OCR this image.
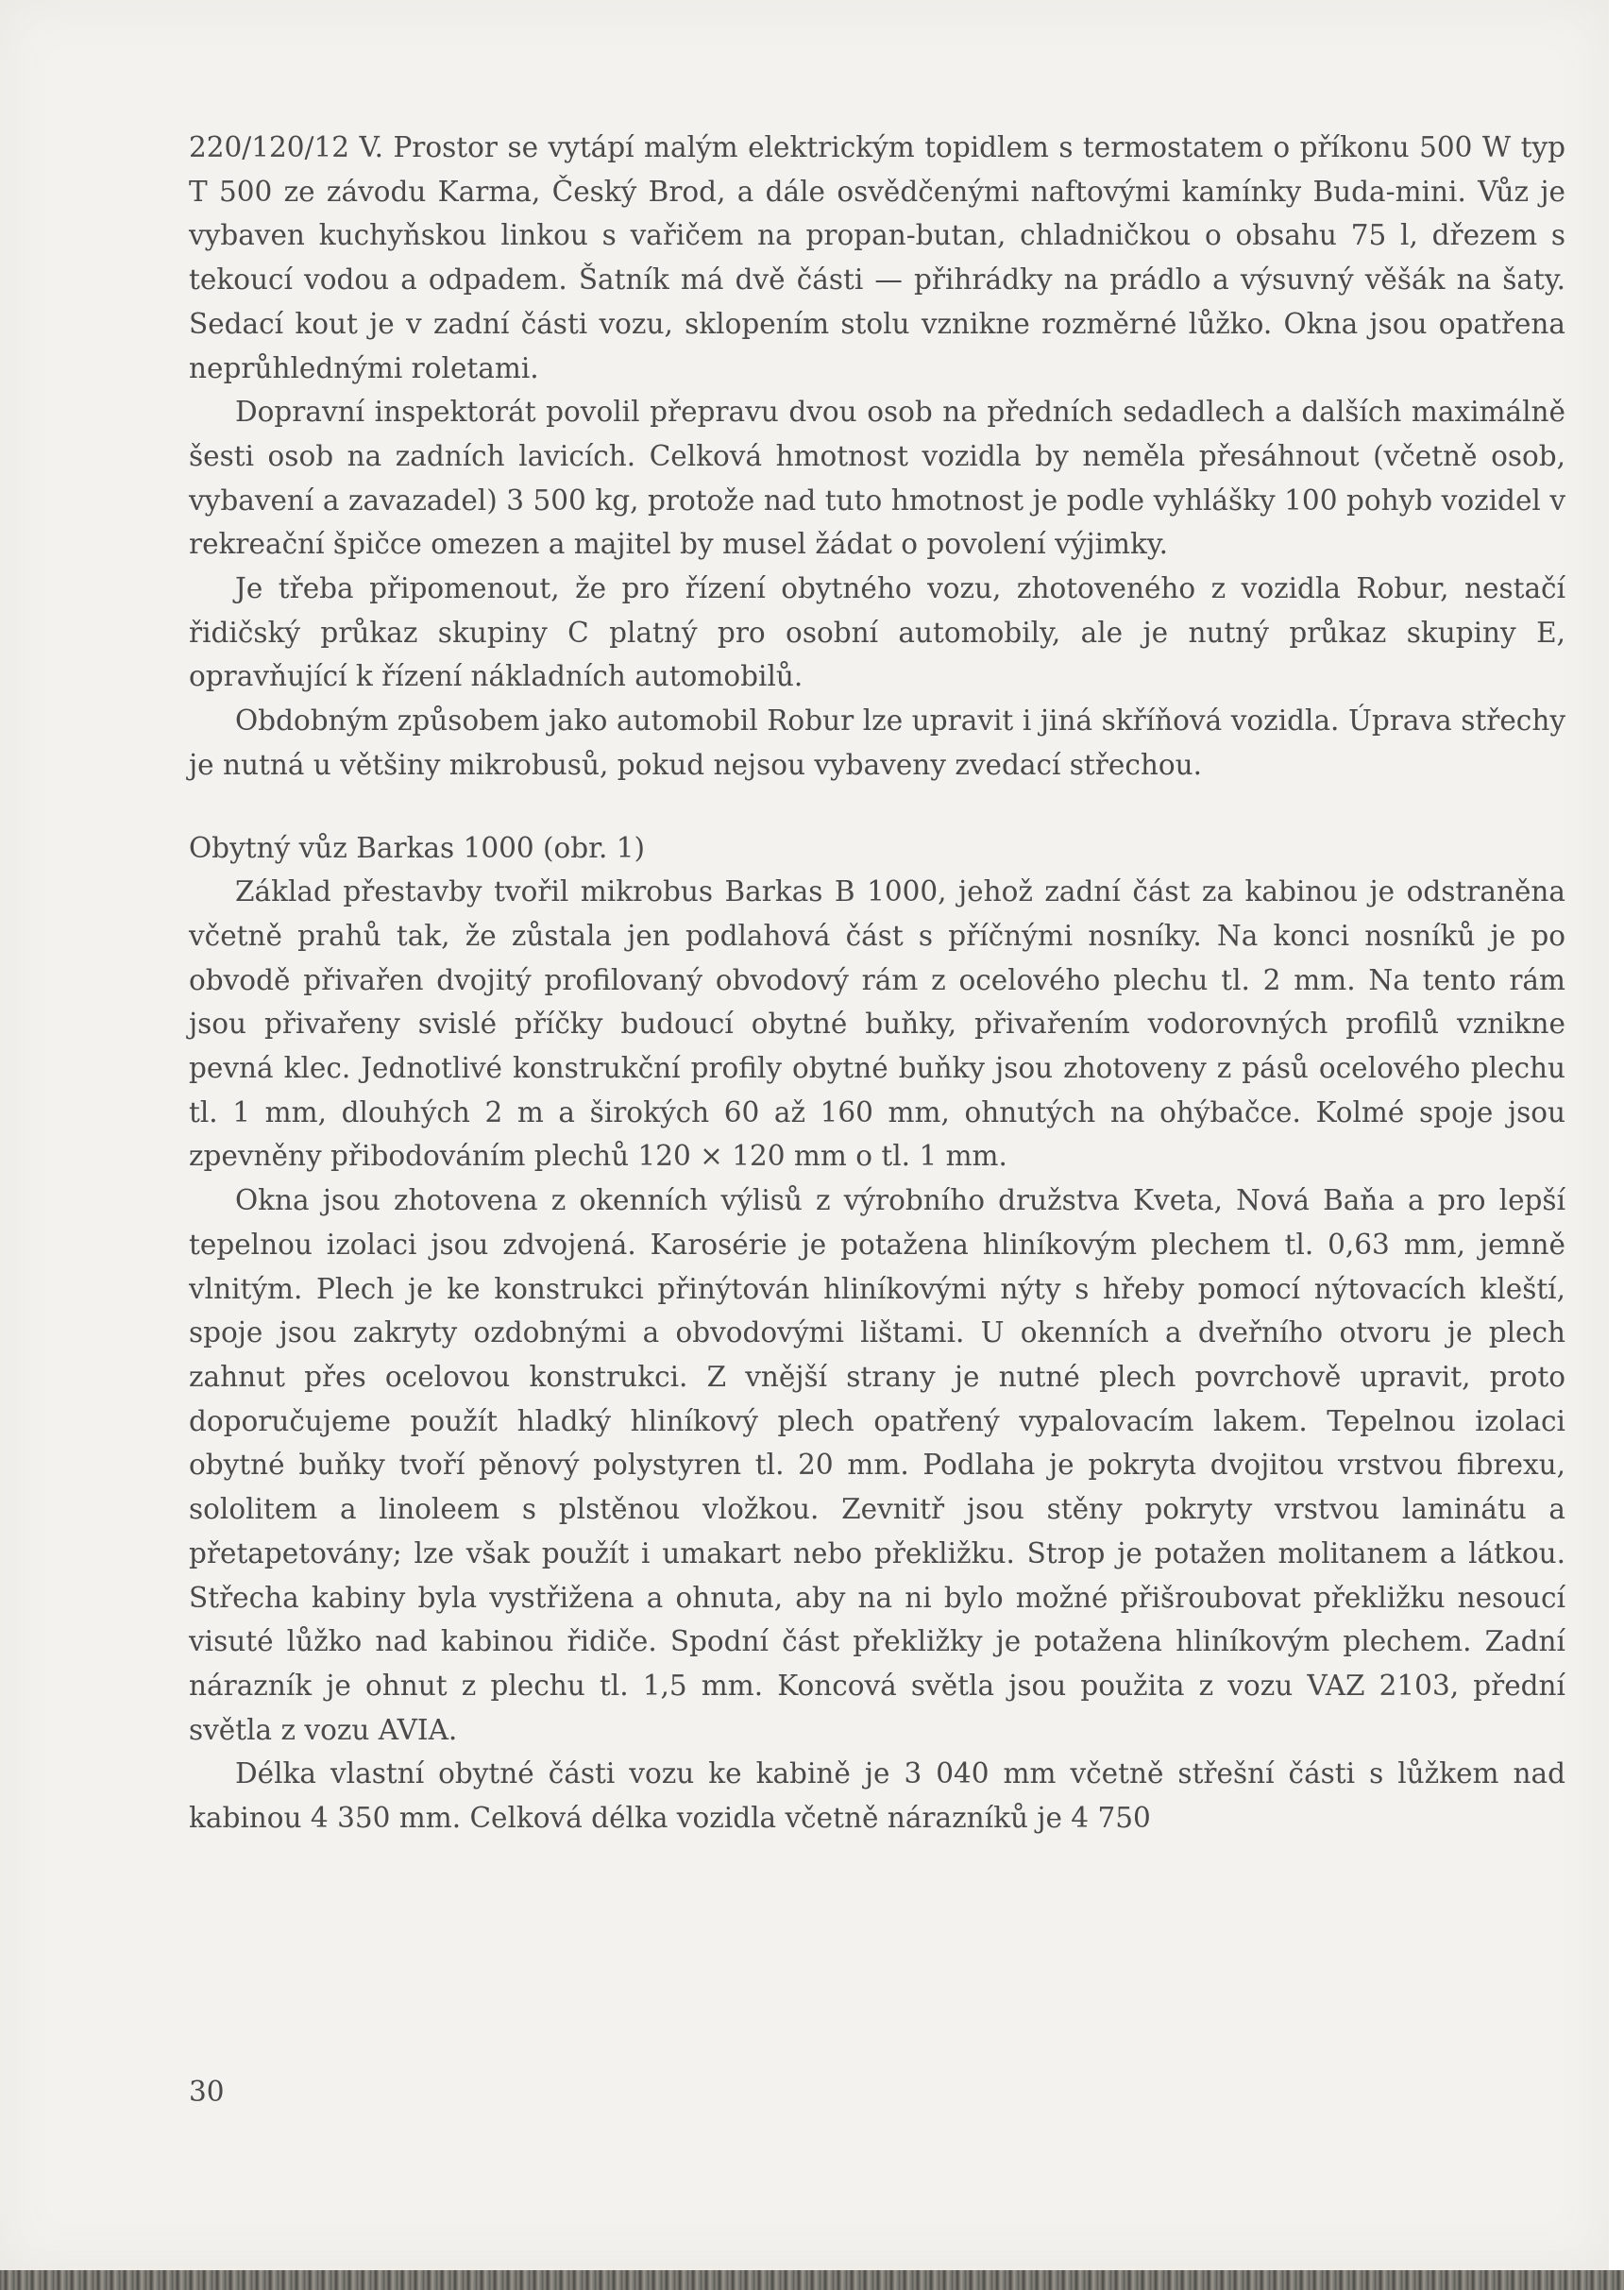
220/120/12 V. Prostor se vytápí malým elektrickým topidlem s termostatem o příkonu 500 W typ T 500 ze závodu Karma, Český Brod, a dále osvědčenými naftovými kamínky Buda-mini. Vůz je vybaven kuchyňskou linkou s vařičem na propan-butan, chladničkou o obsahu 75 l, dřezem s tekoucí vodou a odpadem. Šatník má dvě části — přihrádky na prádlo a výsuvný věšák na šaty. Sedací kout je v zadní části vozu, sklopením stolu vznikne rozměrné lůžko. Okna jsou opatřena neprůhlednými roletami.

Dopravní inspektorát povolil přepravu dvou osob na předních sedadlech a dalších maximálně šesti osob na zadních lavicích. Celková hmotnost vozidla by neměla přesáhnout (včetně osob, vybavení a zavazadel) 3 500 kg, protože nad tuto hmotnost je podle vyhlášky 100 pohyb vozidel v rekreační špičce omezen a majitel by musel žádat o povolení výjimky.

Je třeba připomenout, že pro řízení obytného vozu, zhotoveného z vozidla Robur, nestačí řidičský průkaz skupiny C platný pro osobní automobily, ale je nutný průkaz skupiny E, opravňující k řízení nákladních automobilů.

Obdobným způsobem jako automobil Robur lze upravit i jiná skříňová vozidla. Úprava střechy je nutná u většiny mikrobusů, pokud nejsou vybaveny zvedací střechou.

Obytný vůz Barkas 1000 (obr. 1)

Základ přestavby tvořil mikrobus Barkas B 1000, jehož zadní část za kabinou je odstraněna včetně prahů tak, že zůstala jen podlahová část s příčnými nosníky. Na konci nosníků je po obvodě přivařen dvojitý profilovaný obvodový rám z ocelového plechu tl. 2 mm. Na tento rám jsou přivařeny svislé příčky budoucí obytné buňky, přivařením vodorovných profilů vznikne pevná klec. Jednotlivé konstrukční profily obytné buňky jsou zhotoveny z pásů ocelového plechu tl. 1 mm, dlouhých 2 m a širokých 60 až 160 mm, ohnutých na ohýbačce. Kolmé spoje jsou zpevněny přibodováním plechů 120 × 120 mm o tl. 1 mm.

Okna jsou zhotovena z okenních výlisů z výrobního družstva Kveta, Nová Baňa a pro lepší tepelnou izolaci jsou zdvojená. Karosérie je potažena hliníkovým plechem tl. 0,63 mm, jemně vlnitým. Plech je ke konstrukci přinýtován hliníkovými nýty s hřeby pomocí nýtovacích kleští, spoje jsou zakryty ozdobnými a obvodovými lištami. U okenních a dveřního otvoru je plech zahnut přes ocelovou konstrukci. Z vnější strany je nutné plech povrchově upravit, proto doporučujeme použít hladký hliníkový plech opatřený vypalovacím lakem. Tepelnou izolaci obytné buňky tvoří pěnový polystyren tl. 20 mm. Podlaha je pokryta dvojitou vrstvou fibrexu, sololitem a linoleem s plstěnou vložkou. Zevnitř jsou stěny pokryty vrstvou laminátu a přetapetovány; lze však použít i umakart nebo překližku. Strop je potažen molitanem a látkou. Střecha kabiny byla vystřižena a ohnuta, aby na ni bylo možné přišroubovat překližku nesoucí visuté lůžko nad kabinou řidiče. Spodní část překližky je potažena hliníkovým plechem. Zadní nárazník je ohnut z plechu tl. 1,5 mm. Koncová světla jsou použita z vozu VAZ 2103, přední světla z vozu AVIA.

Délka vlastní obytné části vozu ke kabině je 3 040 mm včetně střešní části s lůžkem nad kabinou 4 350 mm. Celková délka vozidla včetně nárazníků je 4 750

30
